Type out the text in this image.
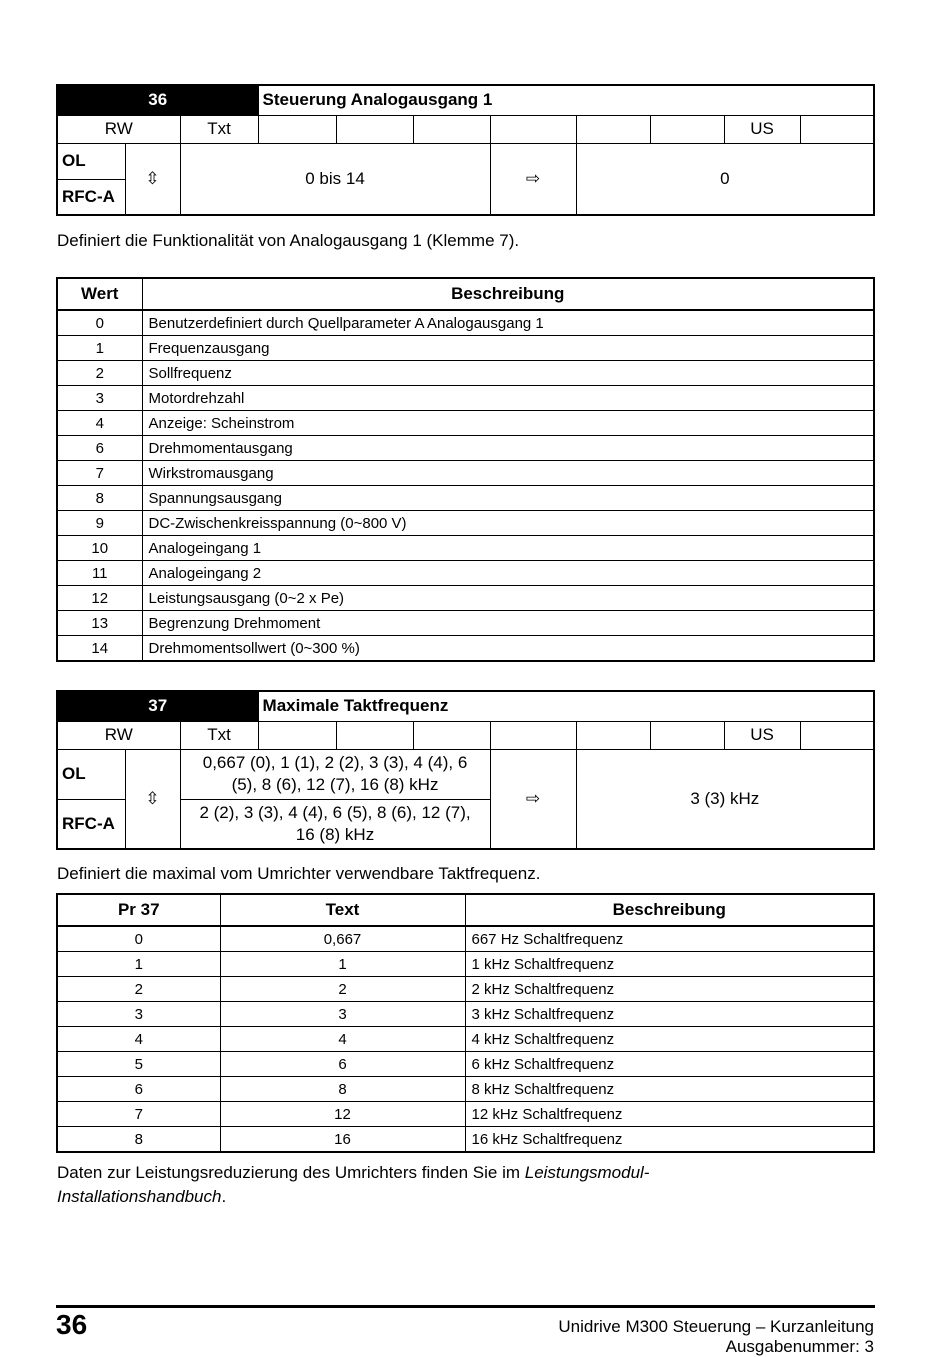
36			Steuerung Analogausgang 1							
RW		Txt							US	
OL	⇳	0 bis 14				⇨	0			
RFC-A										
Definiert die Funktionalität von Analogausgang 1 (Klemme 7).
Wert	Beschreibung
0	Benutzerdefiniert durch Quellparameter A Analogausgang 1
1	Frequenzausgang
2	Sollfrequenz
3	Motordrehzahl
4	Anzeige: Scheinstrom
6	Drehmomentausgang
7	Wirkstromausgang
8	Spannungsausgang
9	DC-Zwischenkreisspannung (0~800 V)
10	Analogeingang 1
11	Analogeingang 2
12	Leistungsausgang (0~2 x Pe)
13	Begrenzung Drehmoment
14	Drehmomentsollwert (0~300 %)
37			Maximale Taktfrequenz							
RW		Txt							US	
OL	⇳	0,667 (0), 1 (1), 2 (2), 3 (3), 4 (4), 6 (5), 8 (6), 12 (7), 16 (8) kHz				⇨	3 (3) kHz			
RFC-A		2 (2), 3 (3), 4 (4), 6 (5), 8 (6), 12 (7), 16 (8) kHz								
Definiert die maximal vom Umrichter verwendbare Taktfrequenz.
Pr 37	Text	Beschreibung
0	0,667	667 Hz Schaltfrequenz
1	1	1 kHz Schaltfrequenz
2	2	2 kHz Schaltfrequenz
3	3	3 kHz Schaltfrequenz
4	4	4 kHz Schaltfrequenz
5	6	6 kHz Schaltfrequenz
6	8	8 kHz Schaltfrequenz
7	12	12 kHz Schaltfrequenz
8	16	16 kHz Schaltfrequenz
Daten zur Leistungsreduzierung des Umrichters finden Sie im Leistungsmodul-Installationshandbuch.
36	Unidrive M300 Steuerung – Kurzanleitung
Ausgabenummer: 3
